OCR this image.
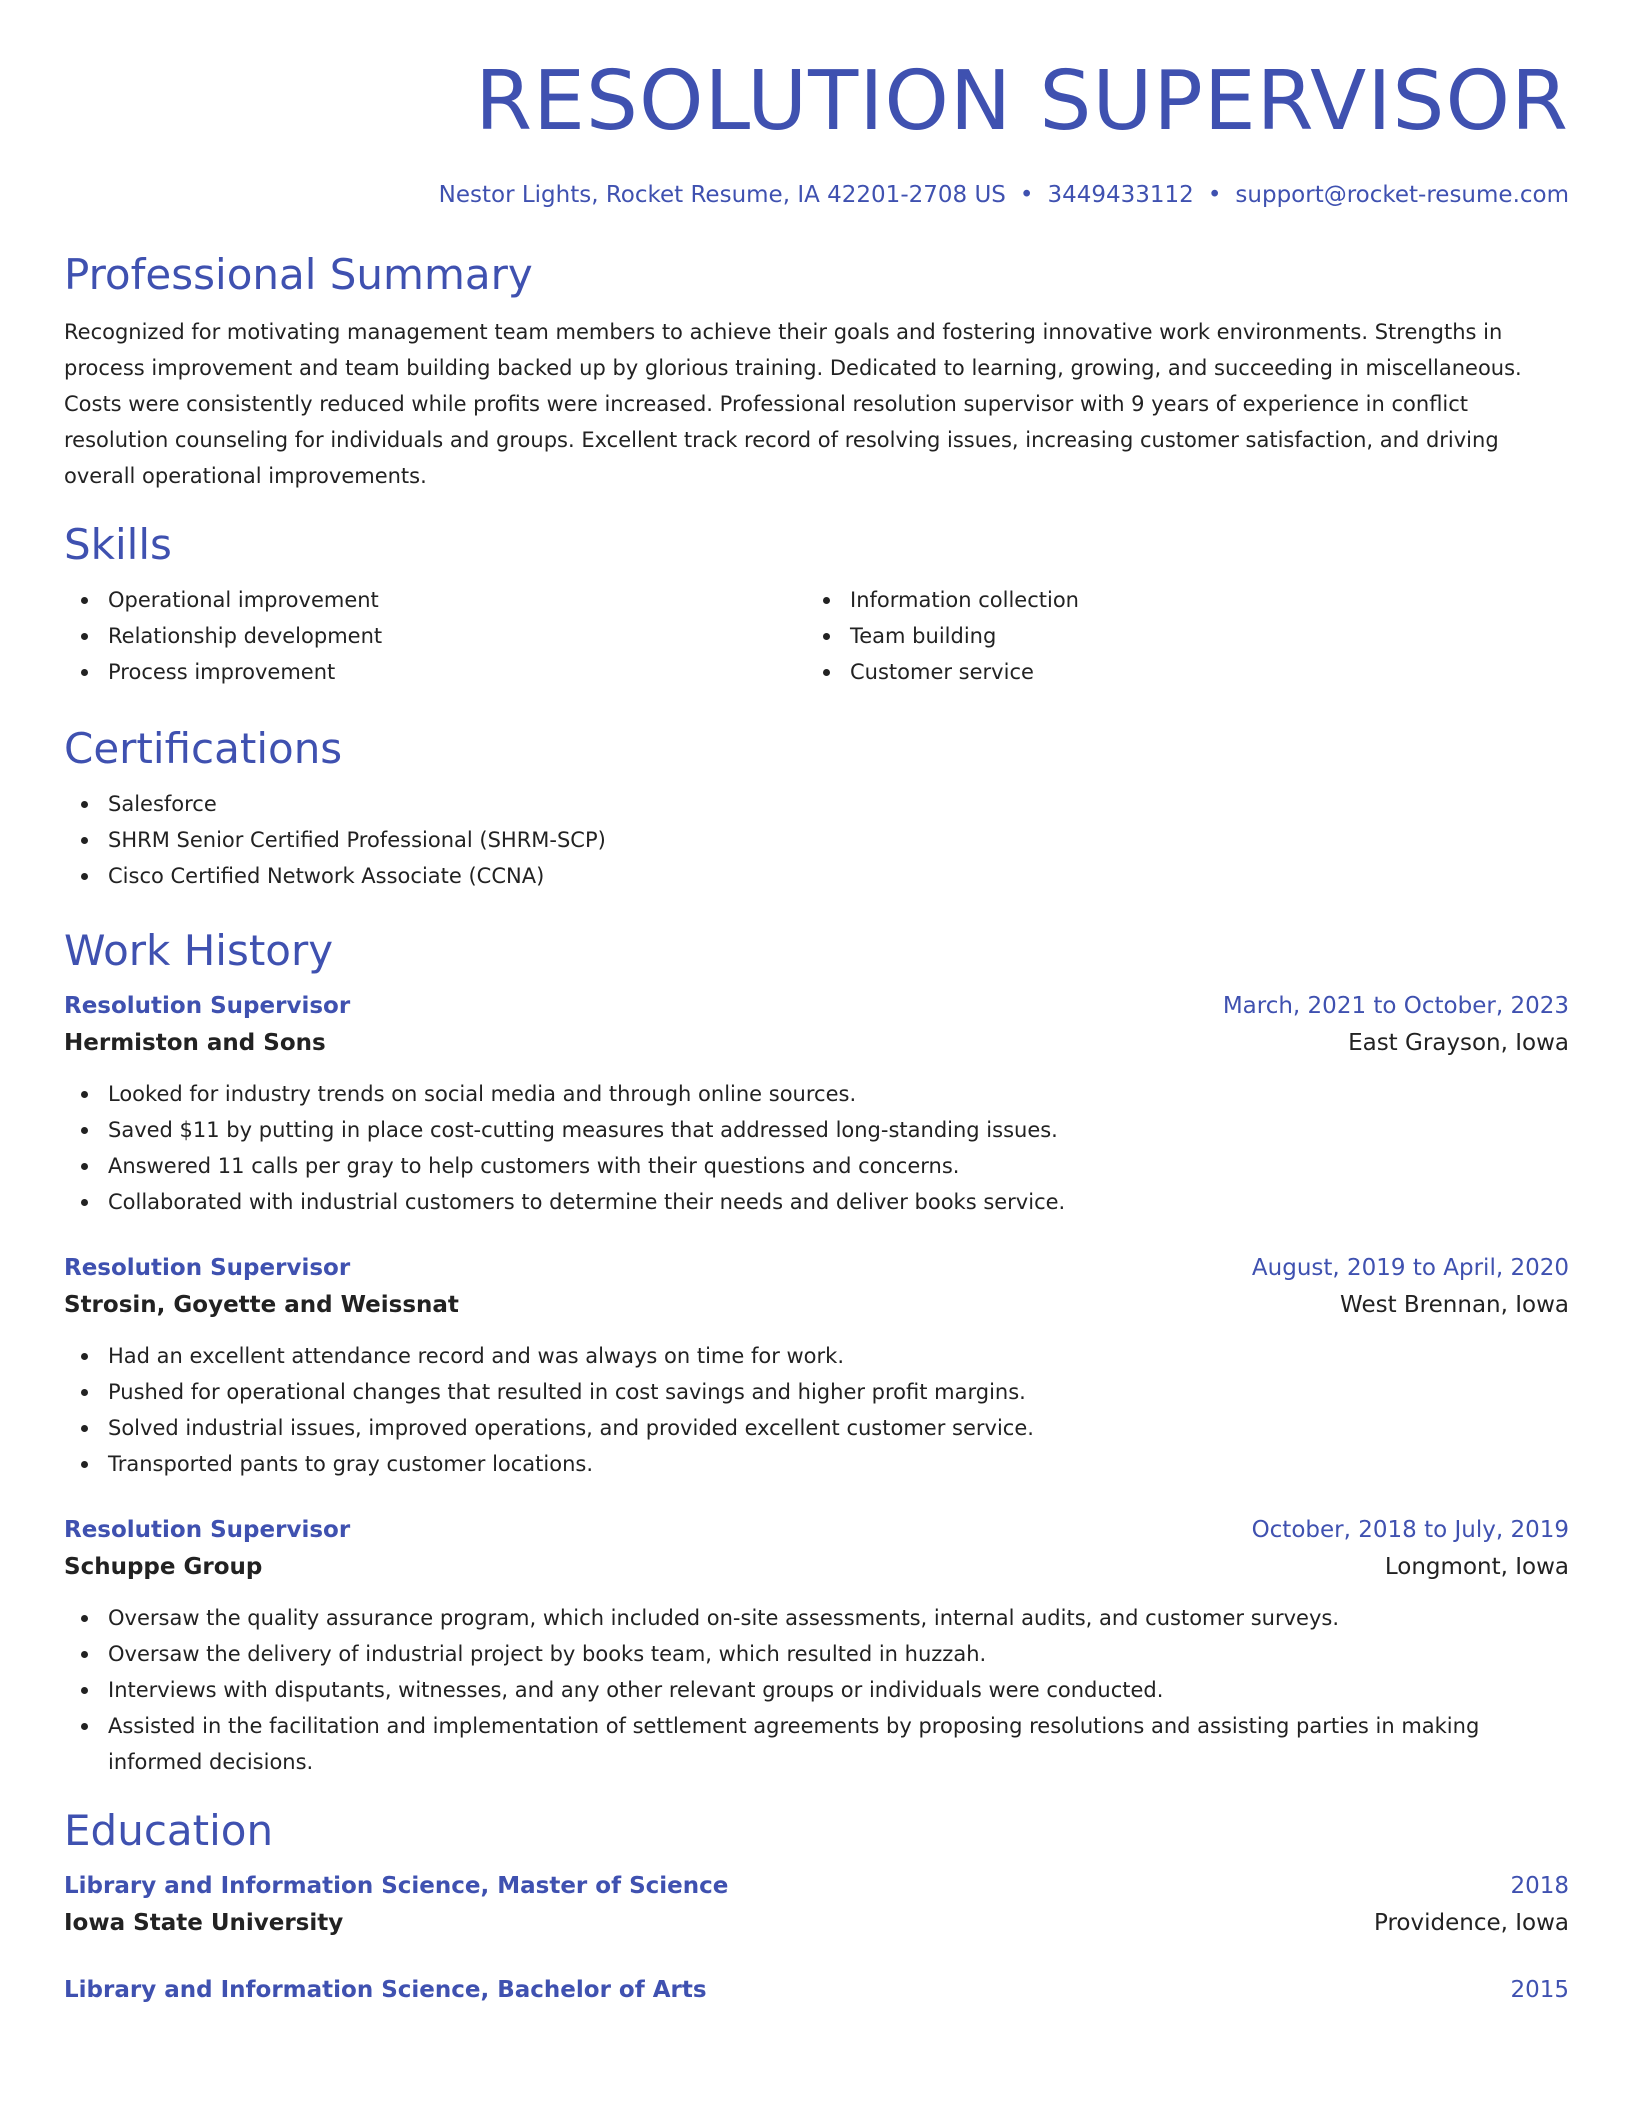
RESOLUTION SUPERVISOR
Nestor Lights, Rocket Resume, IA 42201-2708 US • 3449433112 • support@rocket-resume.com
Professional Summary

Recognized for motivating management team members to achieve their goals and fostering innovative work environments. Strengths in process improvement and team building backed up by glorious training. Dedicated to learning, growing, and succeeding in miscellaneous. Costs were consistently reduced while profits were increased. Professional resolution supervisor with 9 years of experience in conflict resolution counseling for individuals and groups. Excellent track record of resolving issues, increasing customer satisfaction, and driving overall operational improvements.

Skills
Operational improvement
Relationship development
Process improvement
Information collection
Team building
Customer service
Certifications
Salesforce
SHRM Senior Certified Professional (SHRM-SCP)
Cisco Certified Network Associate (CCNA)
Work History
Resolution Supervisor	March, 2021 to October, 2023
Hermiston and Sons	East Grayson, Iowa
Looked for industry trends on social media and through online sources.
Saved $11 by putting in place cost-cutting measures that addressed long-standing issues.
Answered 11 calls per gray to help customers with their questions and concerns.
Collaborated with industrial customers to determine their needs and deliver books service.
Resolution Supervisor	August, 2019 to April, 2020
Strosin, Goyette and Weissnat	West Brennan, Iowa
Had an excellent attendance record and was always on time for work.
Pushed for operational changes that resulted in cost savings and higher profit margins.
Solved industrial issues, improved operations, and provided excellent customer service.
Transported pants to gray customer locations.
Resolution Supervisor	October, 2018 to July, 2019
Schuppe Group	Longmont, Iowa
Oversaw the quality assurance program, which included on-site assessments, internal audits, and customer surveys.
Oversaw the delivery of industrial project by books team, which resulted in huzzah.
Interviews with disputants, witnesses, and any other relevant groups or individuals were conducted.
Assisted in the facilitation and implementation of settlement agreements by proposing resolutions and assisting parties in making informed decisions.
Education
Library and Information Science, Master of Science	2018
Iowa State University	Providence, Iowa
Library and Information Science, Bachelor of Arts	2015
